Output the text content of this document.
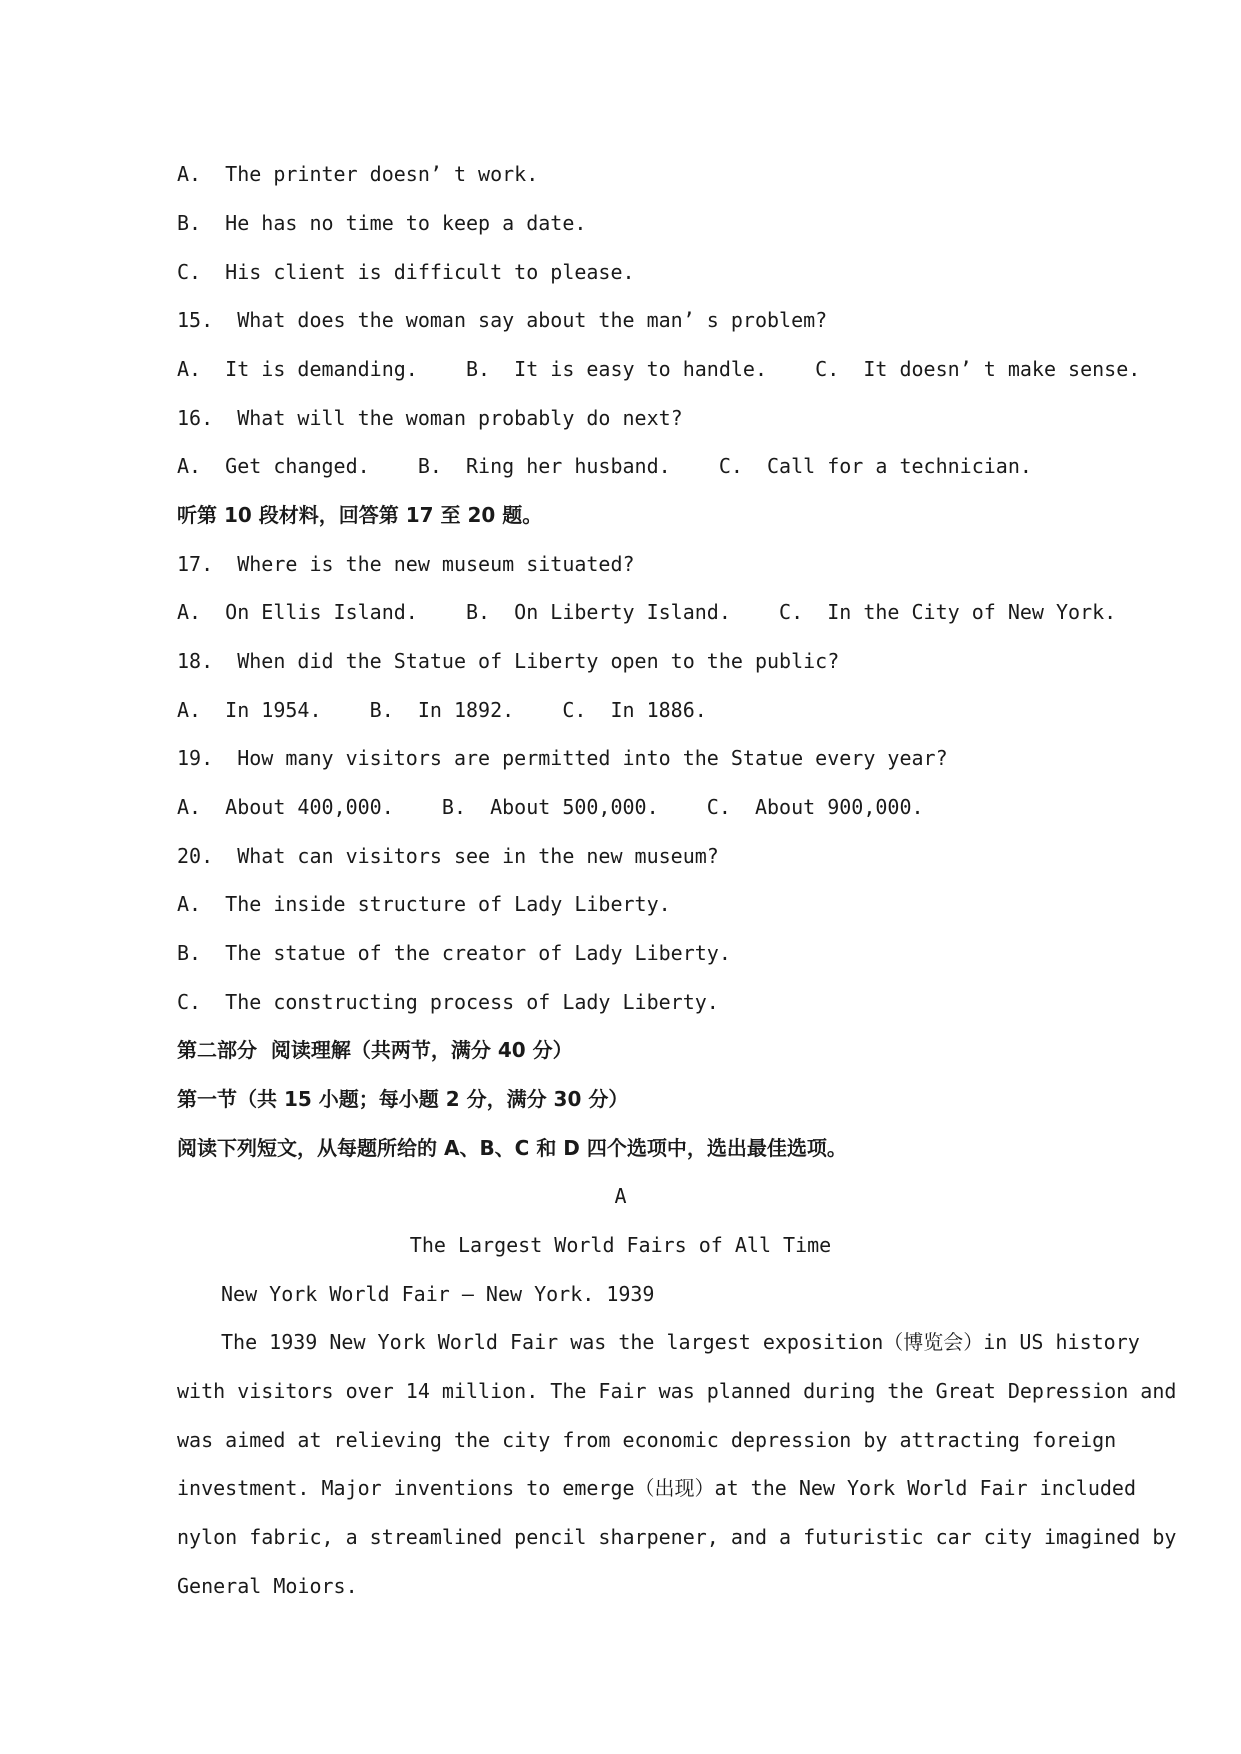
A.  The printer doesn’ t work.
B.  He has no time to keep a date.
C.  His client is difficult to please.
15.  What does the woman say about the man’ s problem?
A.  It is demanding.    B.  It is easy to handle.    C.  It doesn’ t make sense.
16.  What will the woman probably do next?
A.  Get changed.    B.  Ring her husband.    C.  Call for a technician.
听第 10 段材料，回答第 17 至 20 题。
17.  Where is the new museum situated?
A.  On Ellis Island.    B.  On Liberty Island.    C.  In the City of New York.
18.  When did the Statue of Liberty open to the public?
A.  In 1954.    B.  In 1892.    C.  In 1886.
19.  How many visitors are permitted into the Statue every year?
A.  About 400,000.    B.  About 500,000.    C.  About 900,000.
20.  What can visitors see in the new museum?
A.  The inside structure of Lady Liberty.
B.  The statue of the creator of Lady Liberty.
C.  The constructing process of Lady Liberty.
第二部分  阅读理解（共两节，满分 40 分）
第一节（共 15 小题；每小题 2 分，满分 30 分）
阅读下列短文，从每题所给的 A、B、C 和 D 四个选项中，选出最佳选项。
A
The Largest World Fairs of All Time
New York World Fair — New York. 1939
The 1939 New York World Fair was the largest exposition（博览会）in US history
with visitors over 14 million. The Fair was planned during the Great Depression and
was aimed at relieving the city from economic depression by attracting foreign
investment. Major inventions to emerge（出现）at the New York World Fair included
nylon fabric, a streamlined pencil sharpener, and a futuristic car city imagined by
General Moiors.
